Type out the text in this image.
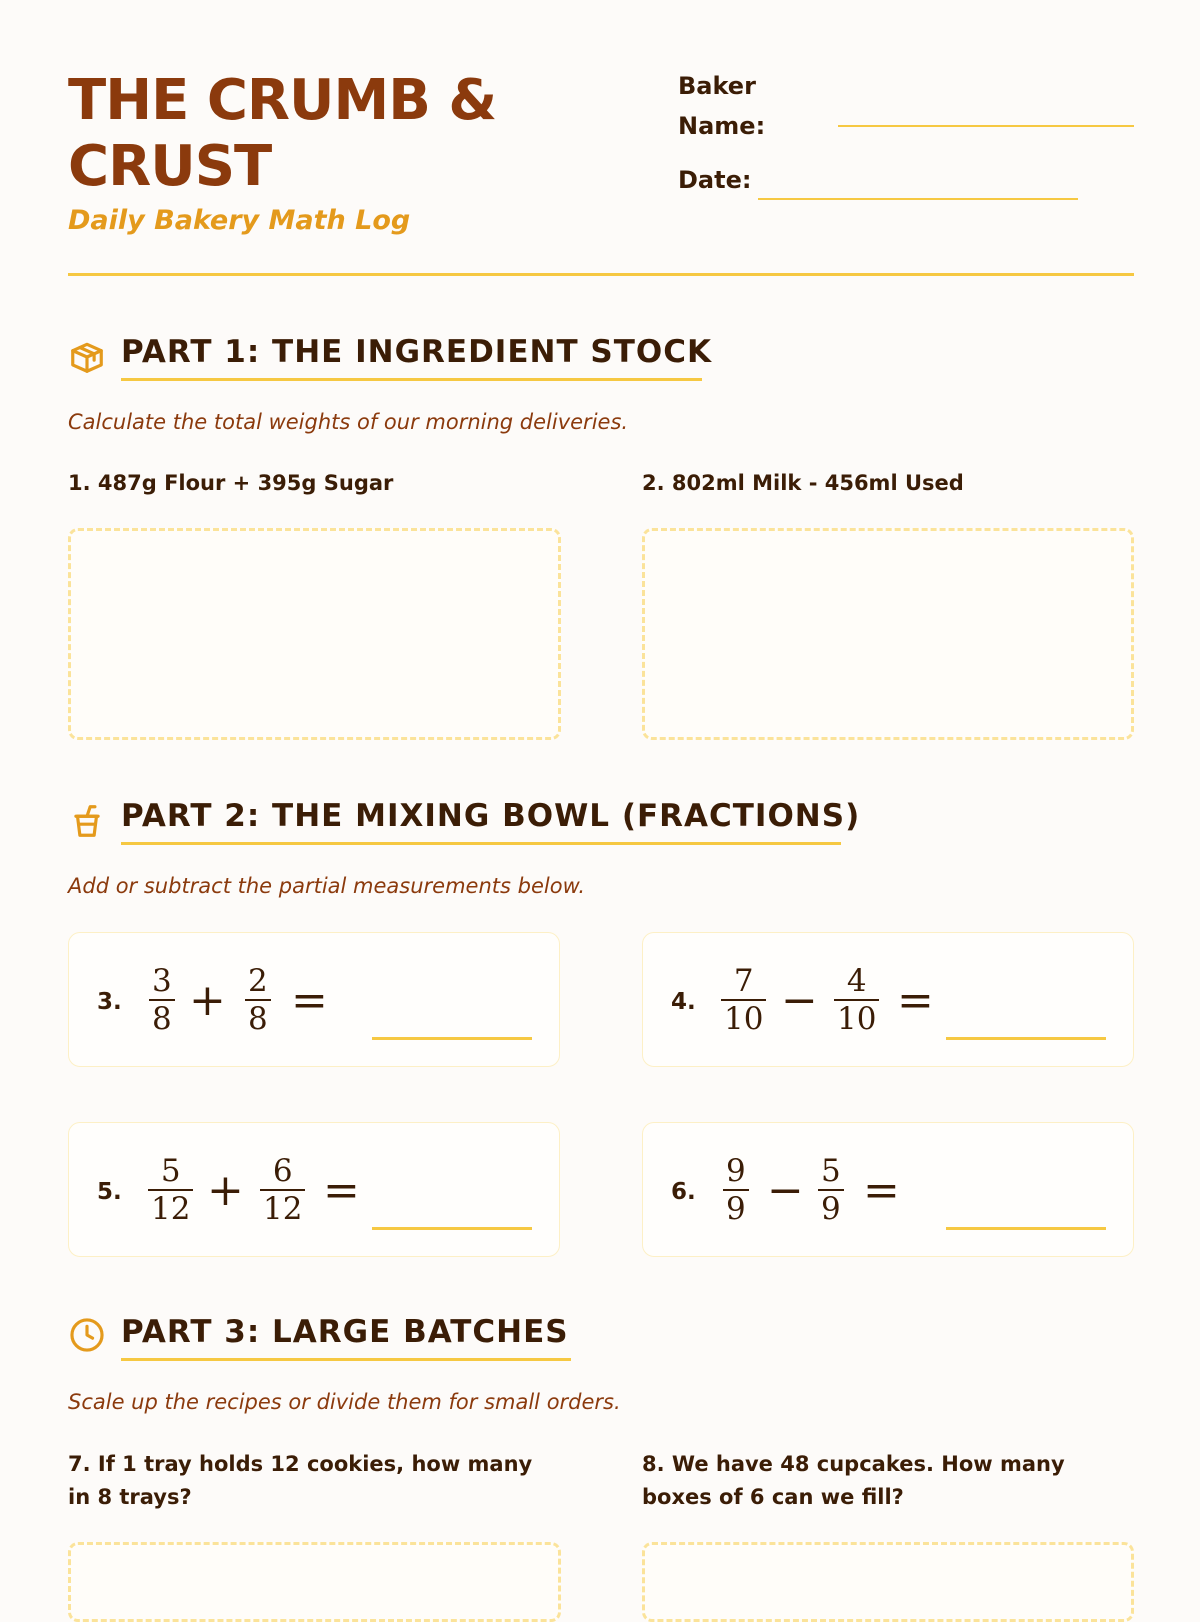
THE CRUMB & CRUST
Daily Bakery Math Log
Baker
Name:
Date:
PART 1: THE INGREDIENT STOCK
Calculate the total weights of our morning deliveries.
1. 487g Flour + 395g Sugar	2. 802ml Milk - 456ml Used
PART 2: THE MIXING BOWL (FRACTIONS)
Add or subtract the partial measurements below.
3.
3
8 + 2
8 =	4.
7
10 − 4
10 =
5.
5
12 + 6
12 =	6.
9
9 − 5
9 =
PART 3: LARGE BATCHES
Scale up the recipes or divide them for small orders.
7. If 1 tray holds 12 cookies, how many in 8 trays?
8. We have 48 cupcakes. How many boxes of 6 can we fill?
